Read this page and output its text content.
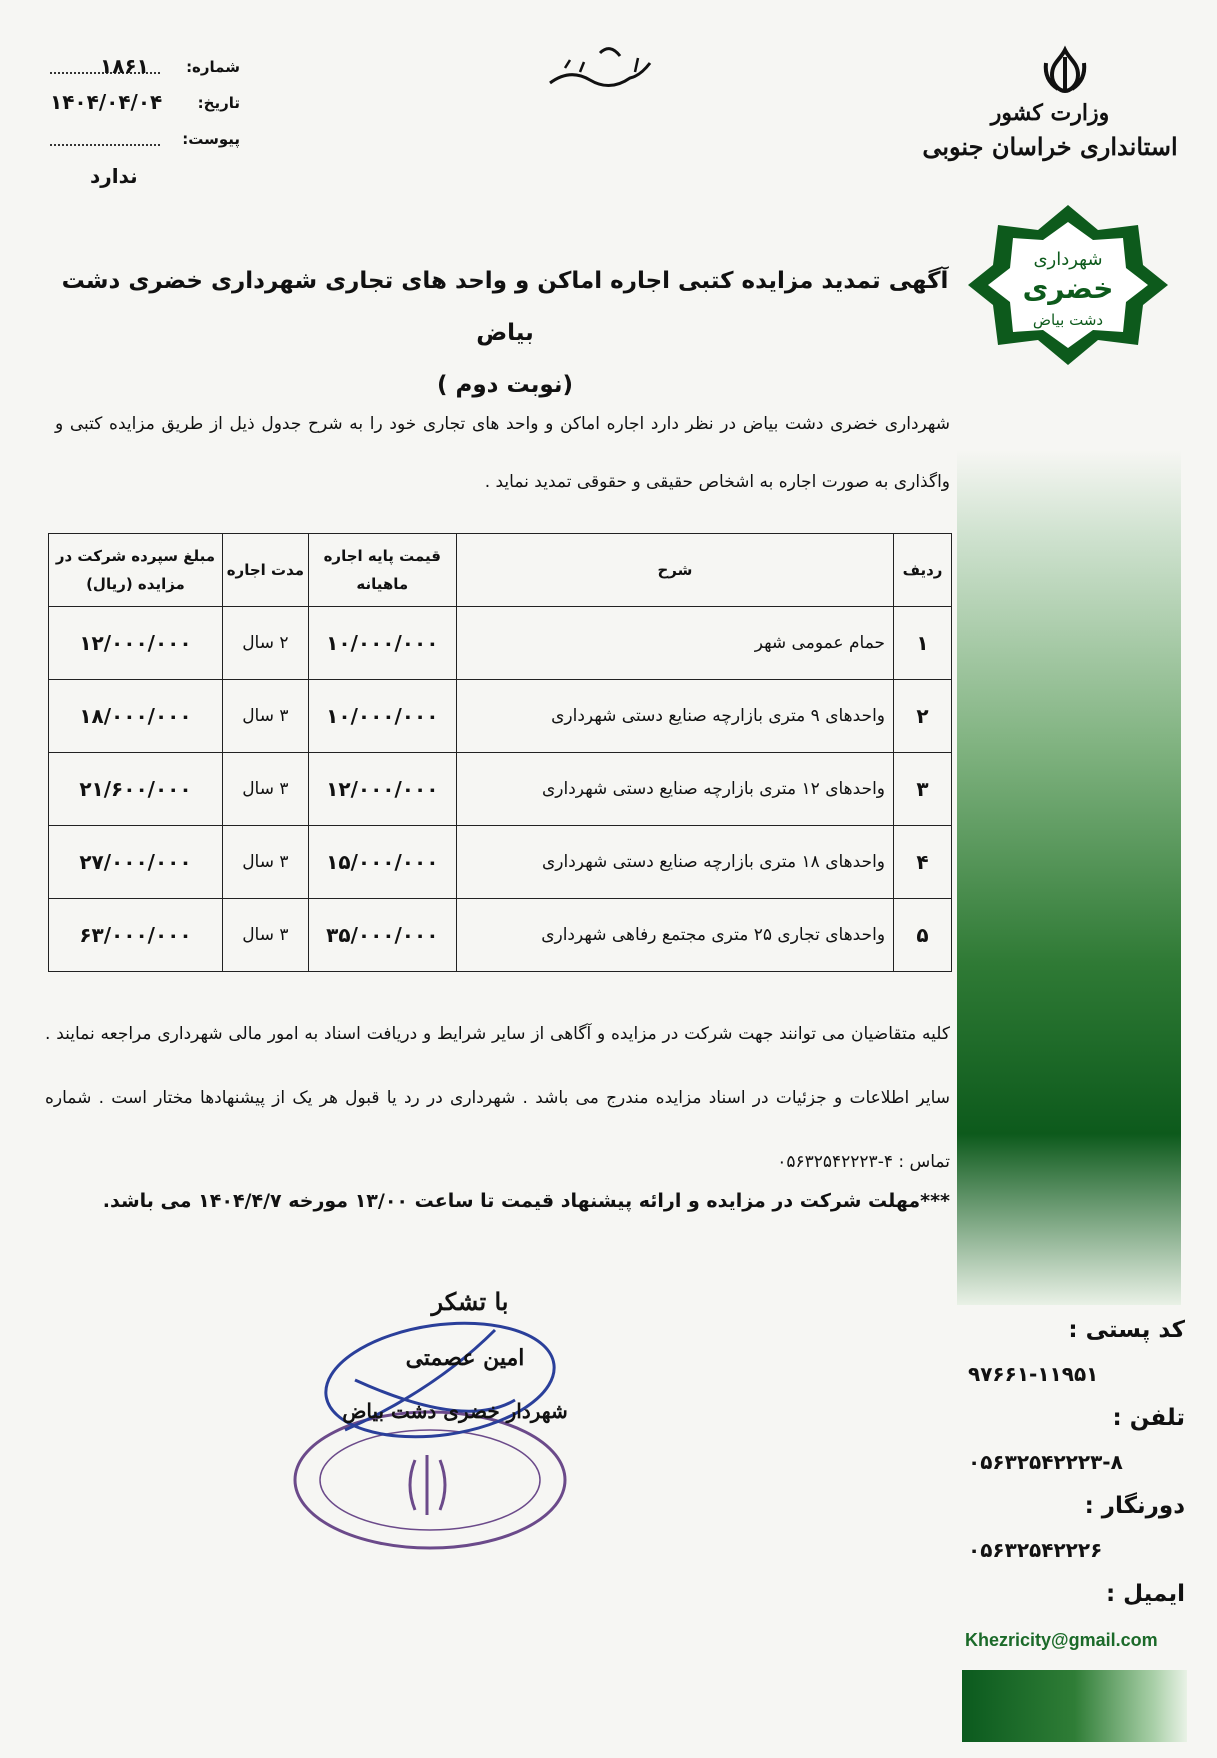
شماره:
۱۸۶۱
تاریخ:
۱۴۰۴/۰۴/۰۴
پیوست:
ندارد
بسمه تعالی
وزارت کشور
استانداری خراسان جنوبی
شهرداری
خضری
دشت بیاض
آگهی تمدید مزایده کتبی اجاره اماکن و واحد های تجاری شهرداری خضری دشت بیاض
(نوبت دوم )
شهرداری خضری دشت بیاض در نظر دارد اجاره اماکن و واحد های تجاری خود را به شرح جدول ذیل از طریق مزایده کتبی و واگذاری به صورت اجاره به اشخاص حقیقی و حقوقی تمدید نماید .
ردیف	شرح	قیمت پایه اجاره ماهیانه	مدت اجاره	مبلغ سپرده شرکت در مزایده (ریال)
۱	حمام عمومی شهر	۱۰/۰۰۰/۰۰۰	۲ سال	۱۲/۰۰۰/۰۰۰
۲	واحدهای ۹ متری بازارچه صنایع دستی شهرداری	۱۰/۰۰۰/۰۰۰	۳ سال	۱۸/۰۰۰/۰۰۰
۳	واحدهای ۱۲ متری بازارچه صنایع دستی شهرداری	۱۲/۰۰۰/۰۰۰	۳ سال	۲۱/۶۰۰/۰۰۰
۴	واحدهای ۱۸ متری بازارچه صنایع دستی شهرداری	۱۵/۰۰۰/۰۰۰	۳ سال	۲۷/۰۰۰/۰۰۰
۵	واحدهای تجاری ۲۵ متری مجتمع رفاهی شهرداری	۳۵/۰۰۰/۰۰۰	۳ سال	۶۳/۰۰۰/۰۰۰
کلیه متقاضیان می توانند جهت شرکت در مزایده و آگاهی از سایر شرایط و دریافت اسناد به امور مالی شهرداری مراجعه نمایند . سایر اطلاعات و جزئیات در اسناد مزایده مندرج می باشد . شهرداری در رد یا قبول هر یک از پیشنهادها مختار است . شماره تماس : ۴-۰۵۶۳۲۵۴۲۲۲۳
***مهلت شرکت در مزایده و ارائه پیشنهاد قیمت تا ساعت ۱۳/۰۰ مورخه ۱۴۰۴/۴/۷ می باشد.
با تشکر
امین عصمتی
شهردار خضری دشت بیاض
کد پستی :
۹۷۶۶۱-۱۱۹۵۱
تلفن :
۰۵۶۳۲۵۴۲۲۲۳-۸
دورنگار :
۰۵۶۳۲۵۴۲۲۲۶
ایمیل :
Khezricity@gmail.com
